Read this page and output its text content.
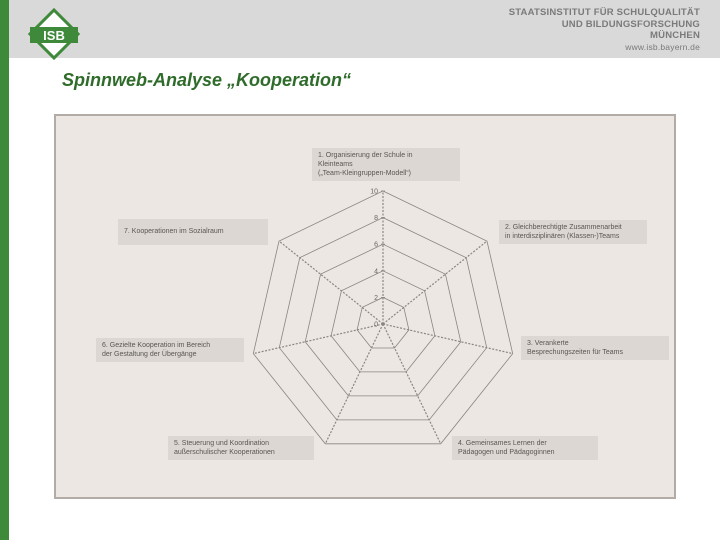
ISB
STAATSINSTITUT FÜR SCHULQUALITÄT
UND BILDUNGSFORSCHUNG
MÜNCHEN
www.isb.bayern.de
Spinnweb-Analyse „Kooperation“
0
2
4
6
8
10
1. Organisierung der Schule in
Kleinteams
(„Team-Kleingruppen-Modell“)
2. Gleichberechtigte Zusammenarbeit
in interdisziplinären (Klassen-)Teams
3. Verankerte
Besprechungszeiten für Teams
4. Gemeinsames Lernen der
Pädagogen und Pädagoginnen
5. Steuerung und Koordination
außerschulischer Kooperationen
6. Gezielte Kooperation im Bereich
der Gestaltung der Übergänge
7. Kooperationen im Sozialraum
